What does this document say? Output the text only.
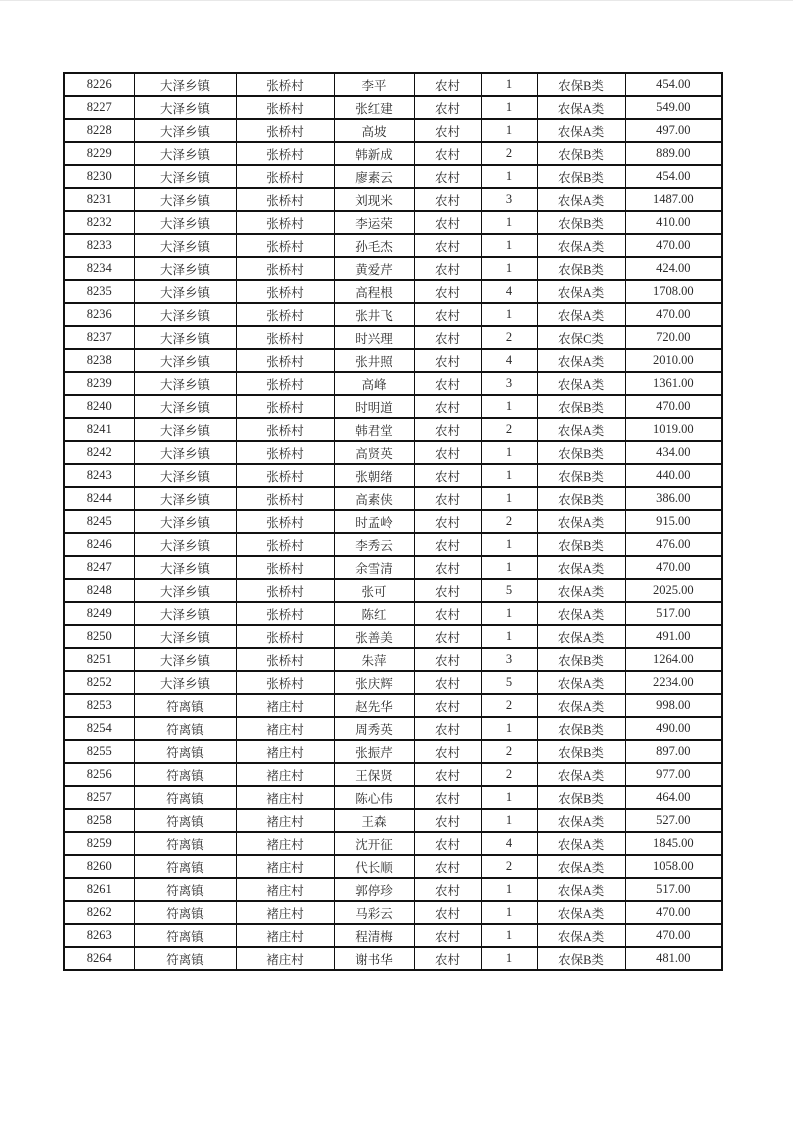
8226	大泽乡镇	张桥村	李平	农村	1	农保B类	454.00
8227	大泽乡镇	张桥村	张红建	农村	1	农保A类	549.00
8228	大泽乡镇	张桥村	高坡	农村	1	农保A类	497.00
8229	大泽乡镇	张桥村	韩新成	农村	2	农保B类	889.00
8230	大泽乡镇	张桥村	廖素云	农村	1	农保B类	454.00
8231	大泽乡镇	张桥村	刘现米	农村	3	农保A类	1487.00
8232	大泽乡镇	张桥村	李运荣	农村	1	农保B类	410.00
8233	大泽乡镇	张桥村	孙毛杰	农村	1	农保A类	470.00
8234	大泽乡镇	张桥村	黄爱芹	农村	1	农保B类	424.00
8235	大泽乡镇	张桥村	高程根	农村	4	农保A类	1708.00
8236	大泽乡镇	张桥村	张井飞	农村	1	农保A类	470.00
8237	大泽乡镇	张桥村	时兴理	农村	2	农保C类	720.00
8238	大泽乡镇	张桥村	张井照	农村	4	农保A类	2010.00
8239	大泽乡镇	张桥村	高峰	农村	3	农保A类	1361.00
8240	大泽乡镇	张桥村	时明道	农村	1	农保B类	470.00
8241	大泽乡镇	张桥村	韩君堂	农村	2	农保A类	1019.00
8242	大泽乡镇	张桥村	高贤英	农村	1	农保B类	434.00
8243	大泽乡镇	张桥村	张朝绪	农村	1	农保B类	440.00
8244	大泽乡镇	张桥村	高素侠	农村	1	农保B类	386.00
8245	大泽乡镇	张桥村	时孟岭	农村	2	农保A类	915.00
8246	大泽乡镇	张桥村	李秀云	农村	1	农保B类	476.00
8247	大泽乡镇	张桥村	余雪清	农村	1	农保A类	470.00
8248	大泽乡镇	张桥村	张可	农村	5	农保A类	2025.00
8249	大泽乡镇	张桥村	陈红	农村	1	农保A类	517.00
8250	大泽乡镇	张桥村	张善美	农村	1	农保A类	491.00
8251	大泽乡镇	张桥村	朱萍	农村	3	农保B类	1264.00
8252	大泽乡镇	张桥村	张庆辉	农村	5	农保A类	2234.00
8253	符离镇	褚庄村	赵先华	农村	2	农保A类	998.00
8254	符离镇	褚庄村	周秀英	农村	1	农保B类	490.00
8255	符离镇	褚庄村	张振芹	农村	2	农保B类	897.00
8256	符离镇	褚庄村	王保贤	农村	2	农保A类	977.00
8257	符离镇	褚庄村	陈心伟	农村	1	农保B类	464.00
8258	符离镇	褚庄村	王森	农村	1	农保A类	527.00
8259	符离镇	褚庄村	沈开征	农村	4	农保A类	1845.00
8260	符离镇	褚庄村	代长顺	农村	2	农保A类	1058.00
8261	符离镇	褚庄村	郭停珍	农村	1	农保A类	517.00
8262	符离镇	褚庄村	马彩云	农村	1	农保A类	470.00
8263	符离镇	褚庄村	程清梅	农村	1	农保A类	470.00
8264	符离镇	褚庄村	谢书华	农村	1	农保B类	481.00
